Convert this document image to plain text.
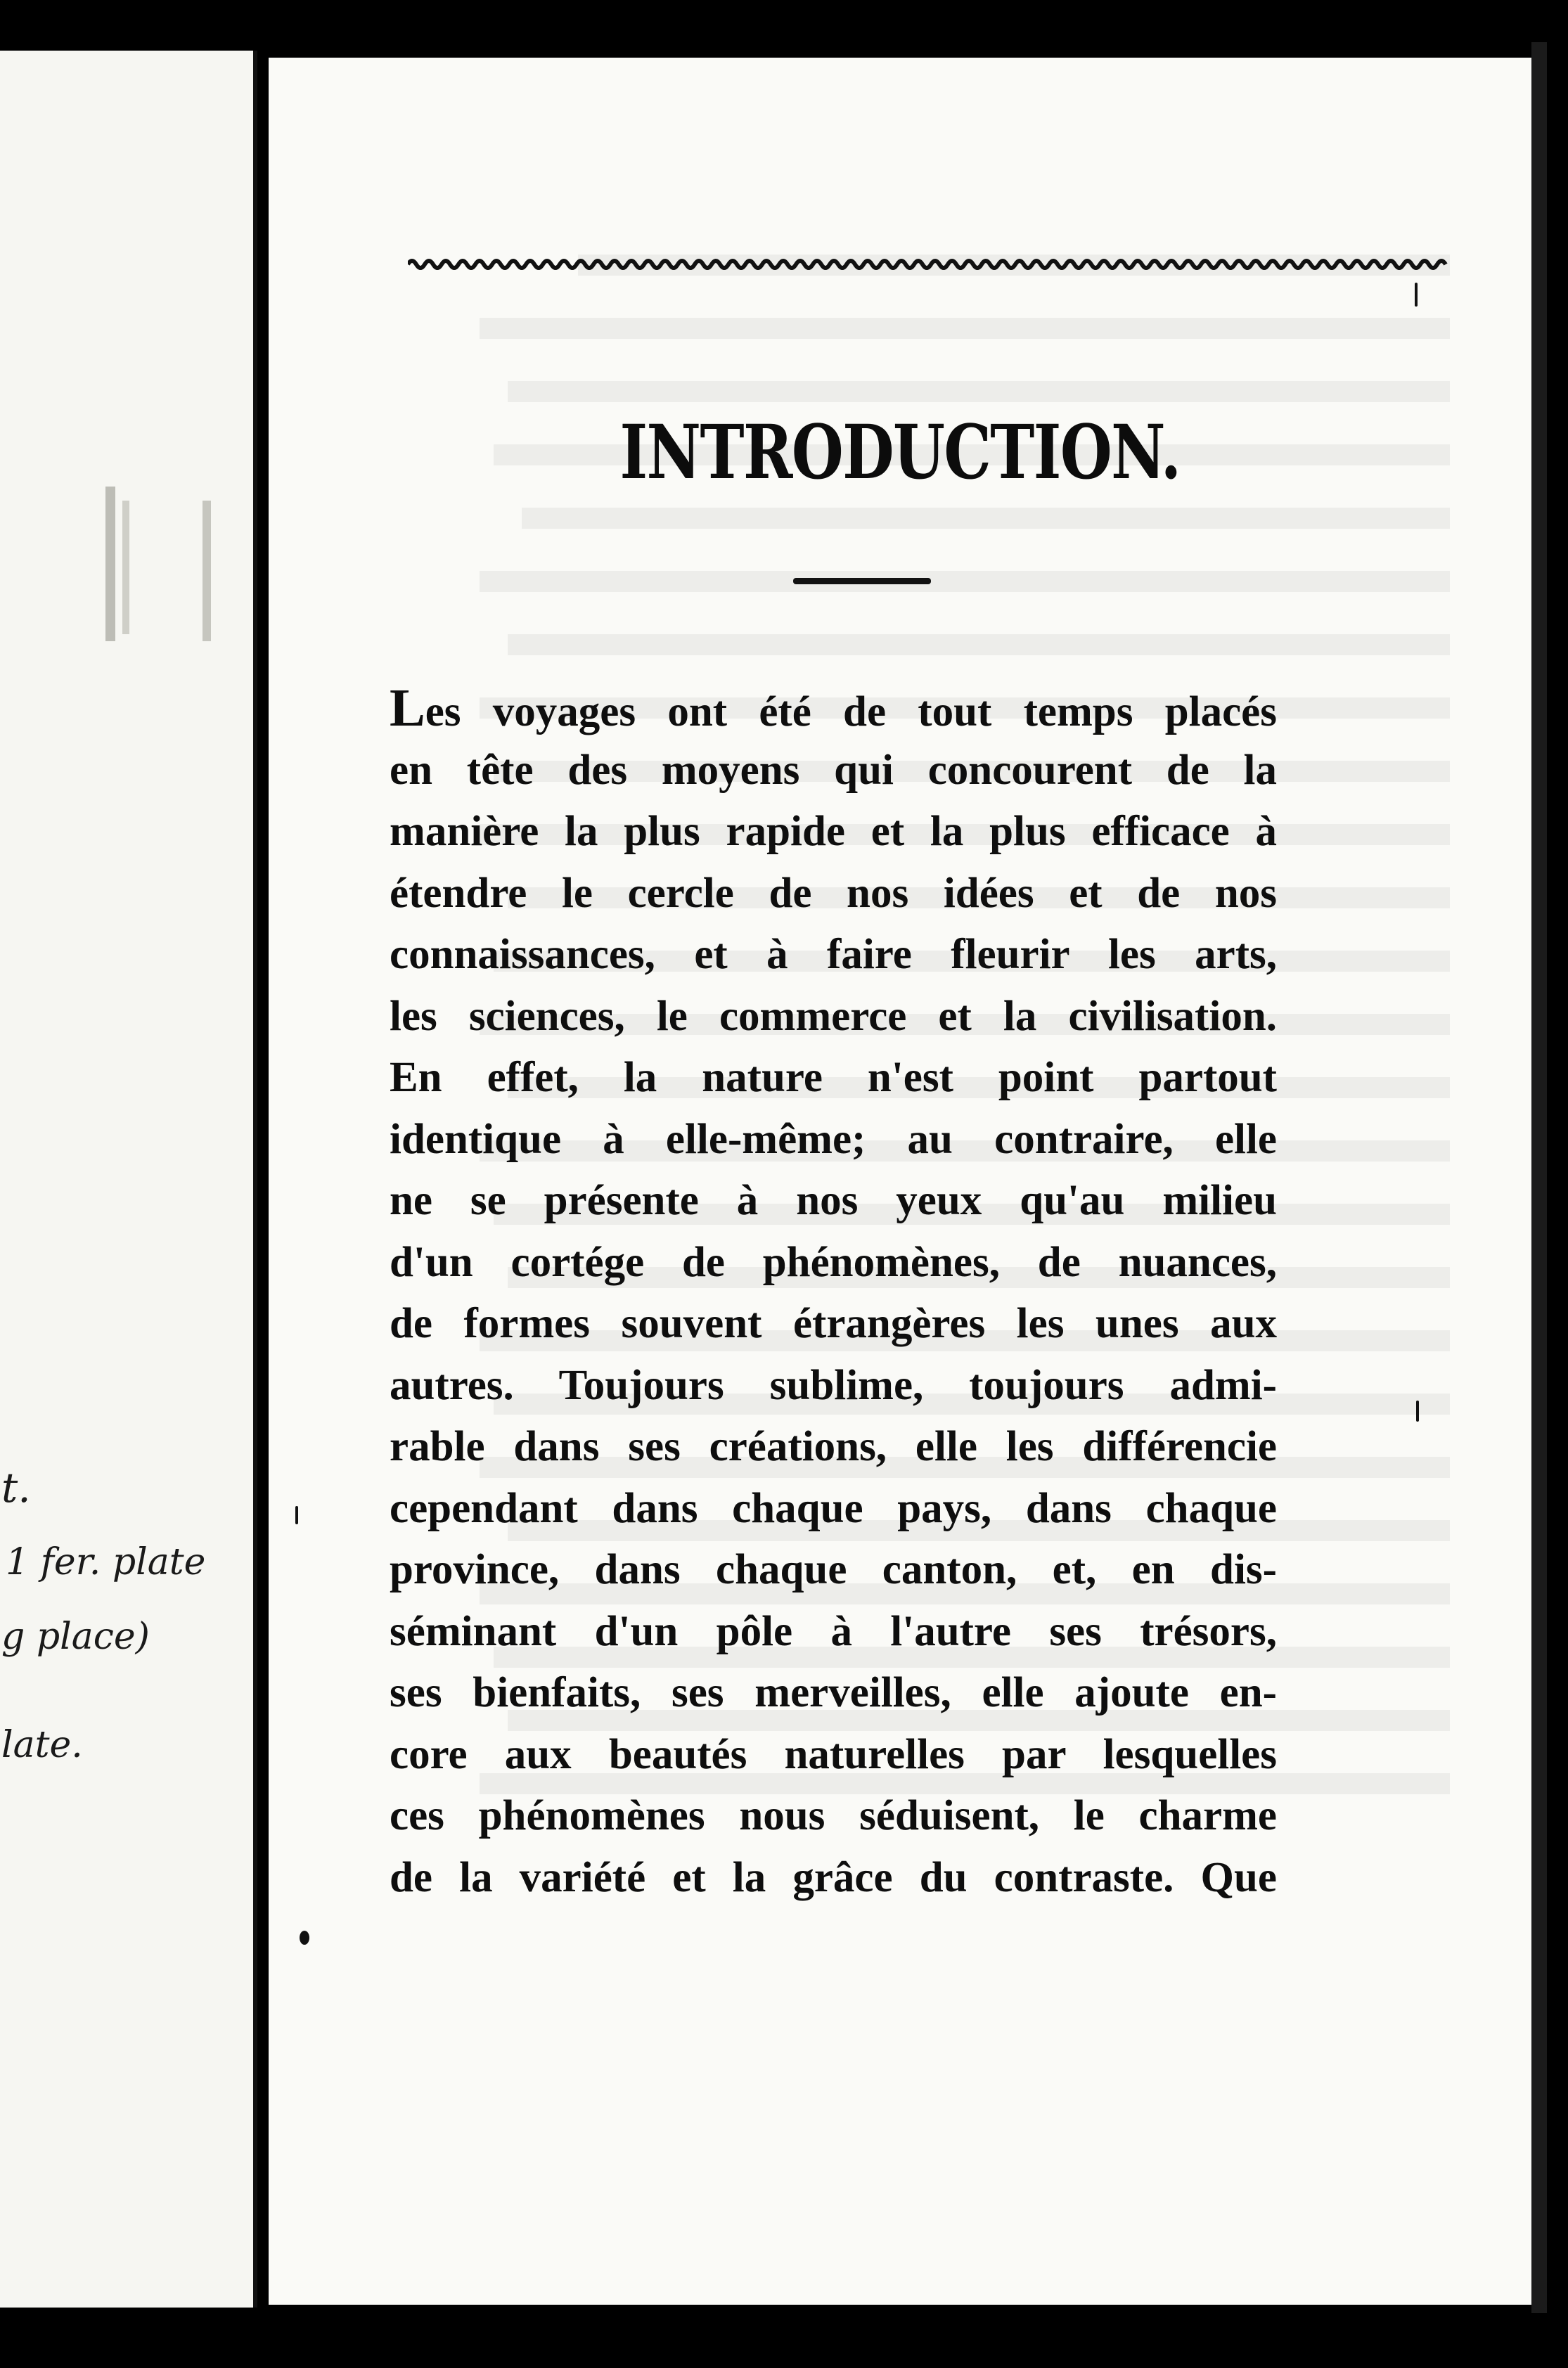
t.
1 fer. plate
g place)
late.
INTRODUCTION.
Les voyages ont été de tout temps placés
en tête des moyens qui concourent de la
manière la plus rapide et la plus efficace à
étendre le cercle de nos idées et de nos
connaissances, et à faire fleurir les arts,
les sciences, le commerce et la civilisation.
En effet, la nature n'est point partout
identique à elle-même; au contraire, elle
ne se présente à nos yeux qu'au milieu
d'un cortége de phénomènes, de nuances,
de formes souvent étrangères les unes aux
autres. Toujours sublime, toujours admi-
rable dans ses créations, elle les différencie
cependant dans chaque pays, dans chaque
province, dans chaque canton, et, en dis-
séminant d'un pôle à l'autre ses trésors,
ses bienfaits, ses merveilles, elle ajoute en-
core aux beautés naturelles par lesquelles
ces phénomènes nous séduisent, le charme
de la variété et la grâce du contraste. Que
